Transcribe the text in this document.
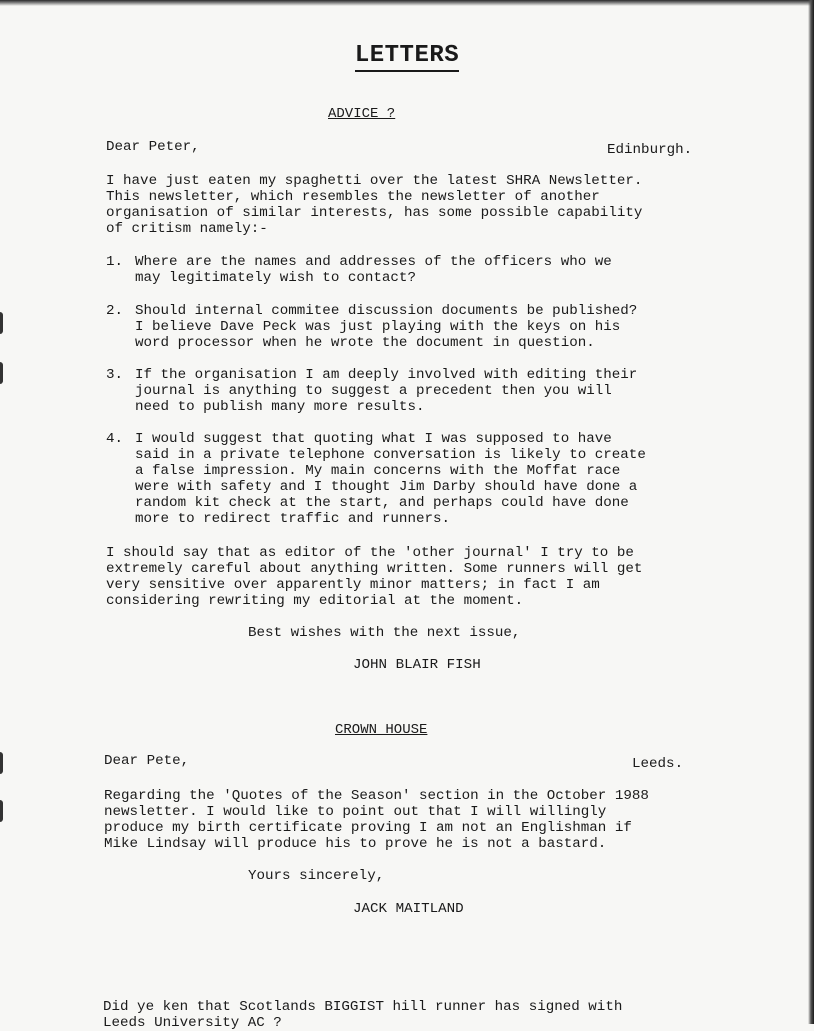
LETTERS
ADVICE ?
Dear Peter,	Edinburgh.

I have just eaten my spaghetti over the latest SHRA Newsletter.
This newsletter, which resembles the newsletter of another
organisation of similar interests, has some possible capability
of critism namely:-

1. Where are the names and addresses of the officers who we
may legitimately wish to contact?

2. Should internal commitee discussion documents be published?
I believe Dave Peck was just playing with the keys on his
word processor when he wrote the document in question.

3. If the organisation I am deeply involved with editing their
journal is anything to suggest a precedent then you will
need to publish many more results.

4. I would suggest that quoting what I was supposed to have
said in a private telephone conversation is likely to create
a false impression. My main concerns with the Moffat race
were with safety and I thought Jim Darby should have done a
random kit check at the start, and perhaps could have done
more to redirect traffic and runners.

I should say that as editor of the 'other journal' I try to be
extremely careful about anything written. Some runners will get
very sensitive over apparently minor matters; in fact I am
considering rewriting my editorial at the moment.

Best wishes with the next issue,
JOHN BLAIR FISH
CROWN HOUSE
Dear Pete,	Leeds.

Regarding the 'Quotes of the Season' section in the October 1988
newsletter. I would like to point out that I will willingly
produce my birth certificate proving I am not an Englishman if
Mike Lindsay will produce his to prove he is not a bastard.

Yours sincerely,
JACK MAITLAND

Did ye ken that Scotlands BIGGIST hill runner has signed with
Leeds University AC ?
